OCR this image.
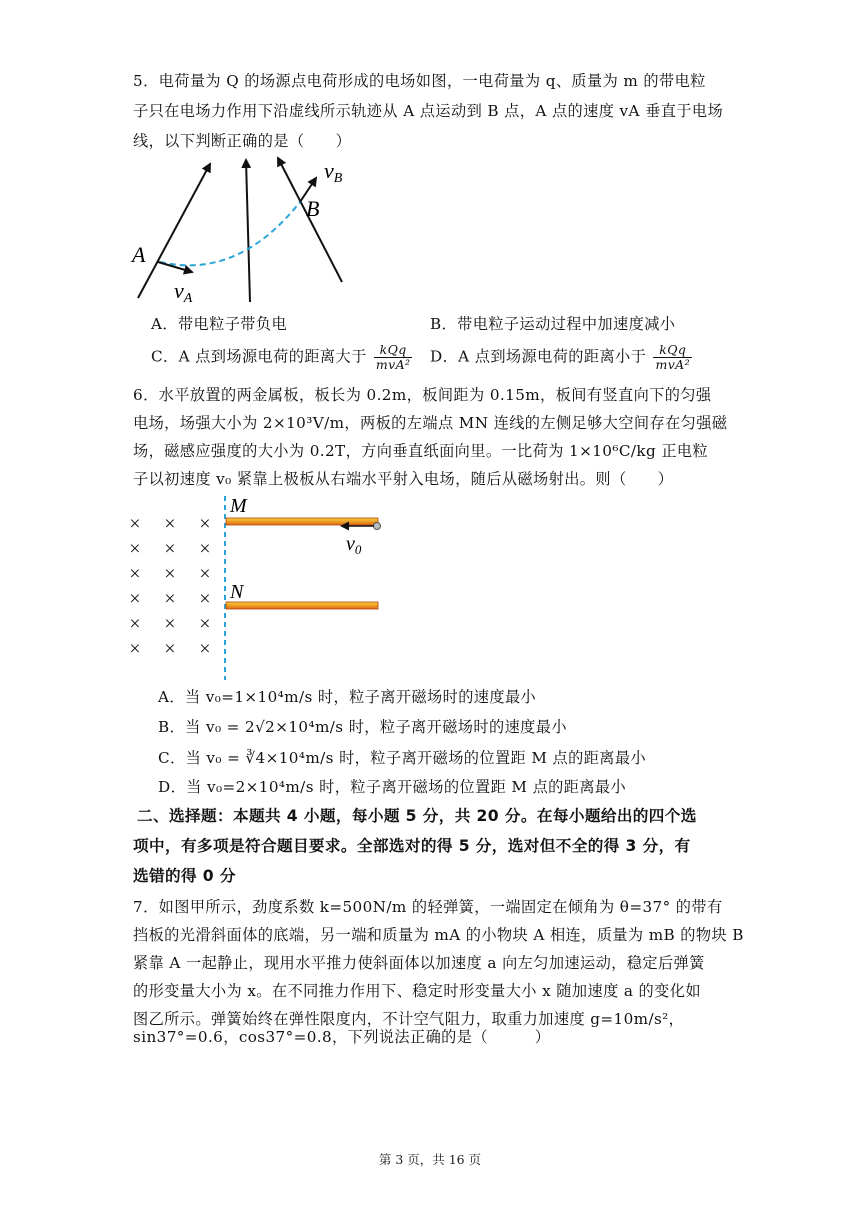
5．电荷量为 Q 的场源点电荷形成的电场如图，一电荷量为 q、质量为 m 的带电粒
子只在电场力作用下沿虚线所示轨迹从 A 点运动到 B 点，A 点的速度 vA 垂直于电场
线，以下判断正确的是（　　）
A
B
vA
vB
A．带电粒子带负电	B．带电粒子运动过程中加速度减小
C．A 点到场源电荷的距离大于 $\frac{\text{kQq}}{\text{mvA²}}$ D．A 点到场源电荷的距离小于 $\frac{\text{kQq}}{\text{mvA²}}$
6．水平放置的两金属板，板长为 0.2m，板间距为 0.15m，板间有竖直向下的匀强
电场，场强大小为 2×10³V/m，两板的左端点 MN 连线的左侧足够大空间存在匀强磁
场，磁感应强度的大小为 0.2T，方向垂直纸面向里。一比荷为 1×10⁶C/kg 正电粒
子以初速度 v₀ 紧靠上极板从右端水平射入电场，随后从磁场射出。则（　　）
× × ×
× × ×
× × ×
× × ×
× × ×
× × ×
M
N
$v_0$
A．当 v₀=1×10⁴m/s 时，粒子离开磁场时的速度最小
B．当 v₀ = 2√2×10⁴m/s 时，粒子离开磁场时的速度最小
C．当 v₀ = ∛4×10⁴m/s 时，粒子离开磁场的位置距 M 点的距离最小
D．当 v₀=2×10⁴m/s 时，粒子离开磁场的位置距 M 点的距离最小
二、选择题：本题共 4 小题，每小题 5 分，共 20 分。在每小题给出的四个选
项中，有多项是符合题目要求。全部选对的得 5 分，选对但不全的得 3 分，有
选错的得 0 分
7．如图甲所示，劲度系数 k=500N/m 的轻弹簧，一端固定在倾角为 θ=37° 的带有
挡板的光滑斜面体的底端，另一端和质量为 mA 的小物块 A 相连，质量为 mB 的物块 B
紧靠 A 一起静止，现用水平推力使斜面体以加速度 a 向左匀加速运动，稳定后弹簧
的形变量大小为 x。在不同推力作用下、稳定时形变量大小 x 随加速度 a 的变化如
图乙所示。弹簧始终在弹性限度内，不计空气阻力，取重力加速度 g=10m/s²，
sin37°=0.6，cos37°=0.8，下列说法正确的是（　　　）
第 3 页，共 16 页
